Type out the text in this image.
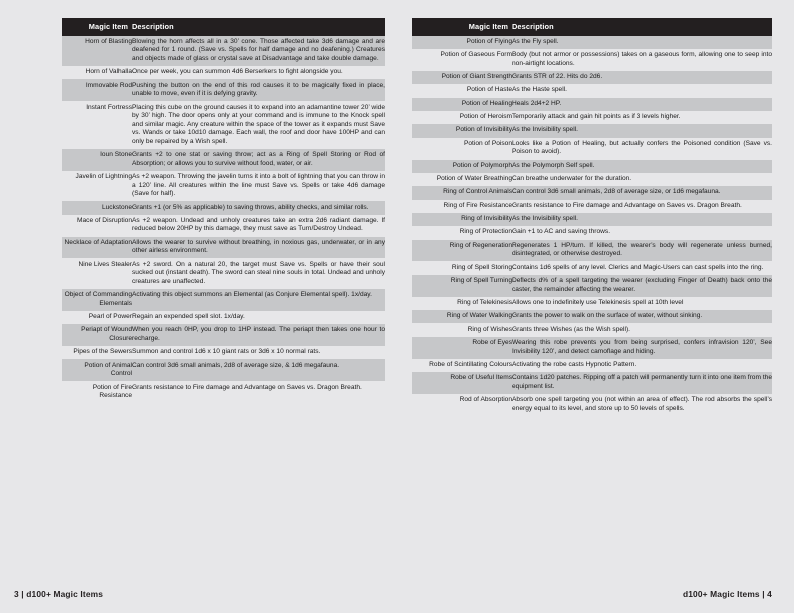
Magic Item	Description
Horn of Blasting	Blowing the horn affects all in a 30’ cone. Those affected take 3d6 damage and are deafened for 1 round. (Save vs. Spells for half damage and no deafening.) Creatures and objects made of glass or crystal save at Disadvantage and take double damage.
Horn of Valhalla	Once per week, you can summon 4d6 Berserkers to fight alongside you.
Immovable Rod	Pushing the button on the end of this rod causes it to be magically fixed in place, unable to move, even if it is defying gravity.
Instant Fortress	Placing this cube on the ground causes it to expand into an adamantine tower 20’ wide by 30’ high. The door opens only at your command and is immune to the Knock spell and similar magic. Any creature within the space of the tower as it expands must Save vs. Wands or take 10d10 damage. Each wall, the roof and door have 100HP and can only be repaired by a Wish spell.
Ioun Stone	Grants +2 to one stat or saving throw; act as a Ring of Spell Storing or Rod of Absorption; or allows you to survive without food, water, or air.
Javelin of Lightning	As +2 weapon. Throwing the javelin turns it into a bolt of lightning that you can throw in a 120’ line. All creatures within the line must Save vs. Spells or take 4d6 damage (Save for half).
Luckstone	Grants +1 (or 5% as applicable) to saving throws, ability checks, and similar rolls.
Mace of Disruption	As +2 weapon. Undead and unholy creatures take an extra 2d6 radiant damage. If reduced below 20HP by this damage, they must save as Turn/Destroy Undead.
Necklace of Adaptation	Allows the wearer to survive without breathing, in noxious gas, underwater, or in any other airless environment.
Nine Lives Stealer	As +2 sword. On a natural 20, the target must Save vs. Spells or have their soul sucked out (instant death). The sword can steal nine souls in total. Undead and unholy creatures are unaffected.
Object of Commanding Elementals	Activating this object summons an Elemental (as Conjure Elemental spell). 1x/day.
Pearl of Power	Regain an expended spell slot. 1x/day.
Periapt of Wound Closure	When you reach 0HP, you drop to 1HP instead. The periapt then takes one hour to recharge.
Pipes of the Sewers	Summon and control 1d6 x 10 giant rats or 3d6 x 10 normal rats.
Potion of Animal Control	Can control 3d6 small animals, 2d8 of average size, & 1d6 megafauna.
Potion of Fire Resistance	Grants resistance to Fire damage and Advantage on Saves vs. Dragon Breath.
3 | d100+ Magic Items
Magic Item	Description
Potion of Flying	As the Fly spell.
Potion of Gaseous Form	Body (but not armor or possessions) takes on a gaseous form, allowing one to seep into non-airtight locations.
Potion of Giant Strength	Grants STR of 22. Hits do 2d6.
Potion of Haste	As the Haste spell.
Potion of Healing	Heals 2d4+2 HP.
Potion of Heroism	Temporarily attack and gain hit points as if 3 levels higher.
Potion of Invisibility	As the Invisibility spell.
Potion of Poison	Looks like a Potion of Healing, but actually confers the Poisoned condition (Save vs. Poison to avoid).
Potion of Polymorph	As the Polymorph Self spell.
Potion of Water Breathing	Can breathe underwater for the duration.
Ring of Control Animals	Can control 3d6 small animals, 2d8 of average size, or 1d6 megafauna.
Ring of Fire Resistance	Grants resistance to Fire damage and Advantage on Saves vs. Dragon Breath.
Ring of Invisibility	As the Invisibility spell.
Ring of Protection	Gain +1 to AC and saving throws.
Ring of Regeneration	Regenerates 1 HP/turn. If killed, the wearer’s body will regenerate unless burned, disintegrated, or otherwise destroyed.
Ring of Spell Storing	Contains 1d6 spells of any level. Clerics and Magic-Users can cast spells into the ring.
Ring of Spell Turning	Deflects d% of a spell targeting the wearer (excluding Finger of Death) back onto the caster, the remainder affecting the wearer.
Ring of Telekinesis	Allows one to indefinitely use Telekinesis spell at 10th level
Ring of Water Walking	Grants the power to walk on the surface of water, without sinking.
Ring of Wishes	Grants three Wishes (as the Wish spell).
Robe of Eyes	Wearing this robe prevents you from being surprised, confers infravision 120’, See Invisibility 120’, and detect camoflage and hiding.
Robe of Scintillating Colours	Activating the robe casts Hypnotic Pattern.
Robe of Useful Items	Contains 1d20 patches. Ripping off a patch will permanently turn it into one item from the equipment list.
Rod of Absorption	Absorb one spell targeting you (not within an area of effect). The rod absorbs the spell’s energy equal to its level, and store up to 50 levels of spells.
d100+ Magic Items | 4
